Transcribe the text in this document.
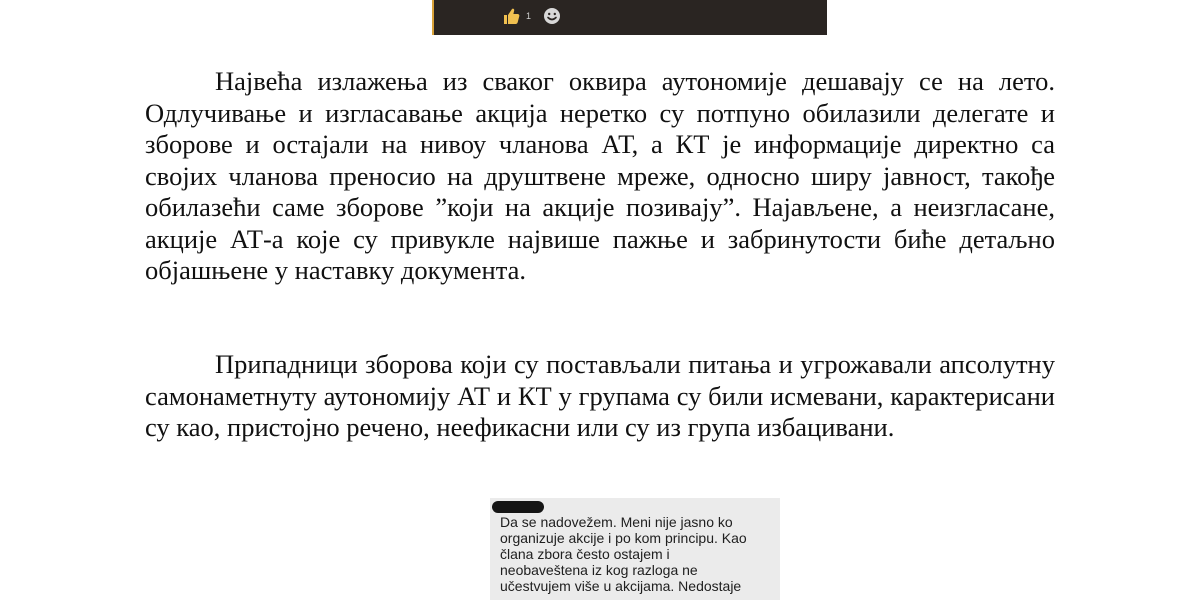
1

Највећа излажења из сваког оквира аутономије дешавају се на лето. Одлучивање и изгласавање акција неретко су потпуно обилазили делегате и зборове и остајали на нивоу чланова АТ, а КТ је информације директно са својих чланова преносио на друштвене мреже, односно ширу јавност, такође обилазећи саме зборове ”који на акције позивају”. Најављене, а неизгласане, акције АТ-а које су привукле највише пажње и забринутости биће детаљно објашњене у наставку документа.

Припадници зборова који су постављали питања и угрожавали апсолутну самонаметнуту аутономију АТ и КТ у групама су били исмевани, карактерисани су као, пристојно речено, неефикасни или су из група избацивани.

Da se nadovežem. Meni nije jasno ko
organizuje akcije i po kom principu. Kao
člana zbora često ostajem i
neobaveštena iz kog razloga ne
učestvujem više u akcijama. Nedostaje
